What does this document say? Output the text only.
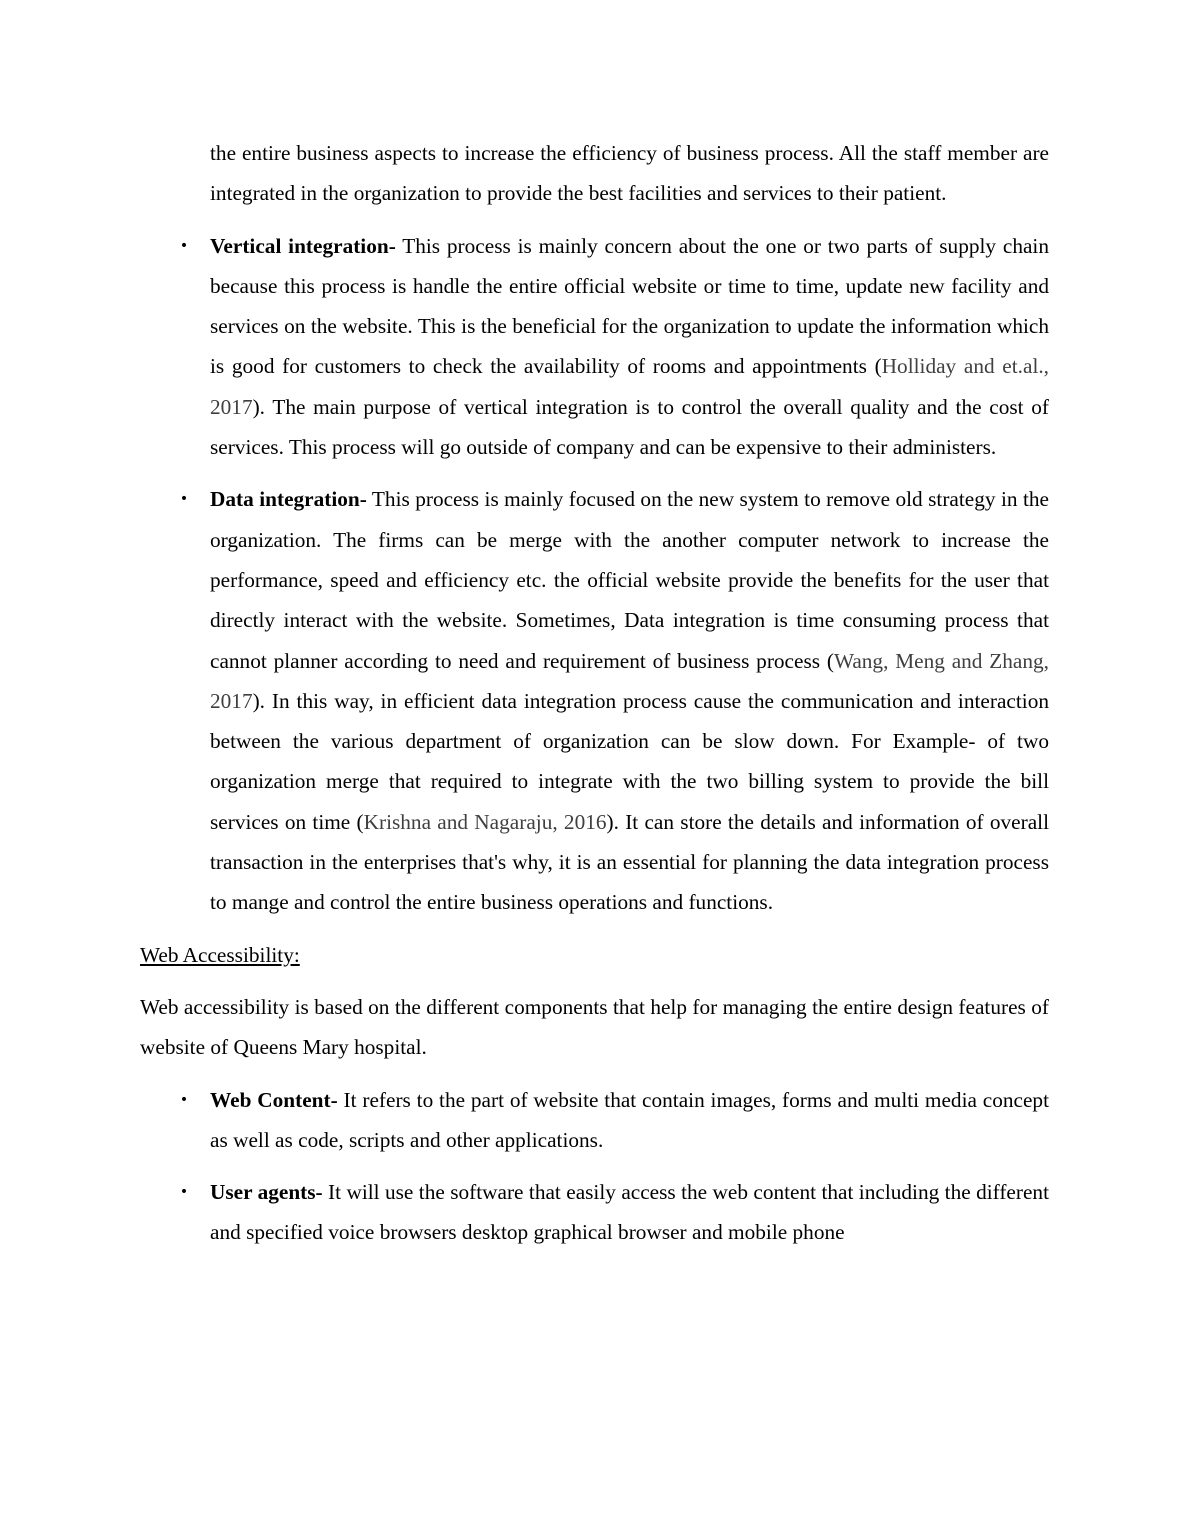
the entire business aspects to increase the efficiency of business process. All the staff member are integrated in the organization to provide the best facilities and services to their patient.

• Vertical integration- This process is mainly concern about the one or two parts of supply chain because this process is handle the entire official website or time to time, update new facility and services on the website. This is the beneficial for the organization to update the information which is good for customers to check the availability of rooms and appointments (Holliday and et.al., 2017). The main purpose of vertical integration is to control the overall quality and the cost of services. This process will go outside of company and can be expensive to their administers.

• Data integration- This process is mainly focused on the new system to remove old strategy in the organization. The firms can be merge with the another computer network to increase the performance, speed and efficiency etc. the official website provide the benefits for the user that directly interact with the website. Sometimes, Data integration is time consuming process that cannot planner according to need and requirement of business process (Wang, Meng and Zhang, 2017). In this way, in efficient data integration process cause the communication and interaction between the various department of organization can be slow down. For Example- of two organization merge that required to integrate with the two billing system to provide the bill services on time (Krishna and Nagaraju, 2016). It can store the details and information of overall transaction in the enterprises that's why, it is an essential for planning the data integration process to mange and control the entire business operations and functions.

Web Accessibility:

Web accessibility is based on the different components that help for managing the entire design features of website of Queens Mary hospital.

• Web Content- It refers to the part of website that contain images, forms and multi media concept as well as code, scripts and other applications.

• User agents- It will use the software that easily access the web content that including the different and specified voice browsers desktop graphical browser and mobile phone
